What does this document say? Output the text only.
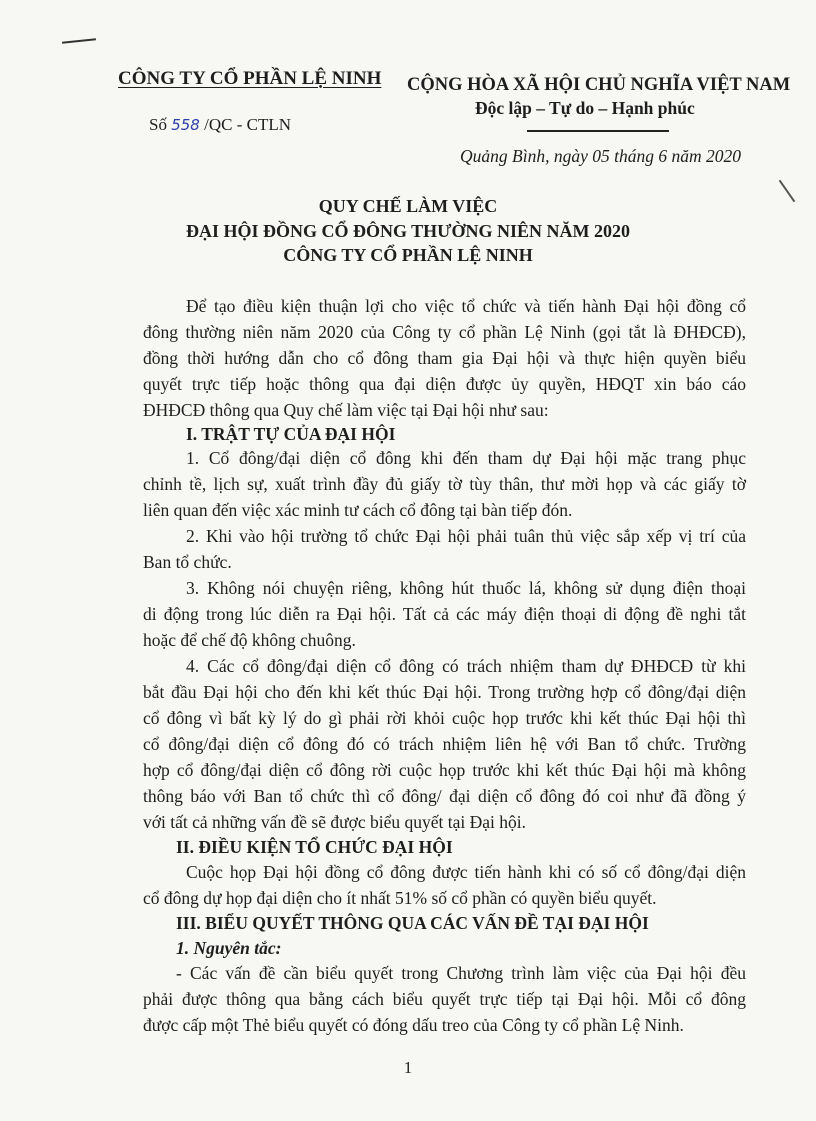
CÔNG TY CỔ PHẦN LỆ NINH CỘNG HÒA XÃ HỘI CHỦ NGHĨA VIỆT NAM
Độc lập – Tự do – Hạnh phúc
Số 558 /QC - CTLN
Quảng Bình, ngày 05 tháng 6 năm 2020
QUY CHẾ LÀM VIỆC
ĐẠI HỘI ĐỒNG CỔ ĐÔNG THƯỜNG NIÊN NĂM 2020
CÔNG TY CỔ PHẦN LỆ NINH
Để tạo điều kiện thuận lợi cho việc tổ chức và tiến hành Đại hội đồng cổ
đông thường niên năm 2020 của Công ty cổ phần Lệ Ninh (gọi tắt là ĐHĐCĐ),
đồng thời hướng dẫn cho cổ đông tham gia Đại hội và thực hiện quyền biểu
quyết trực tiếp hoặc thông qua đại diện được ủy quyền, HĐQT xin báo cáo
ĐHĐCĐ thông qua Quy chế làm việc tại Đại hội như sau:
I. TRẬT TỰ CỦA ĐẠI HỘI
1. Cổ đông/đại diện cổ đông khi đến tham dự Đại hội mặc trang phục
chỉnh tề, lịch sự, xuất trình đầy đủ giấy tờ tùy thân, thư mời họp và các giấy tờ
liên quan đến việc xác minh tư cách cổ đông tại bàn tiếp đón.
2. Khi vào hội trường tổ chức Đại hội phải tuân thủ việc sắp xếp vị trí của
Ban tổ chức.
3. Không nói chuyện riêng, không hút thuốc lá, không sử dụng điện thoại
di động trong lúc diễn ra Đại hội. Tất cả các máy điện thoại di động đề nghi tắt
hoặc để chế độ không chuông.
4. Các cổ đông/đại diện cổ đông có trách nhiệm tham dự ĐHĐCĐ từ khi
bắt đầu Đại hội cho đến khi kết thúc Đại hội. Trong trường hợp cổ đông/đại diện
cổ đông vì bất kỳ lý do gì phải rời khỏi cuộc họp trước khi kết thúc Đại hội thì
cổ đông/đại diện cổ đông đó có trách nhiệm liên hệ với Ban tổ chức. Trường
hợp cổ đông/đại diện cổ đông rời cuộc họp trước khi kết thúc Đại hội mà không
thông báo với Ban tổ chức thì cổ đông/ đại diện cổ đông đó coi như đã đồng ý
với tất cả những vấn đề sẽ được biểu quyết tại Đại hội.
II. ĐIỀU KIỆN TỔ CHỨC ĐẠI HỘI
Cuộc họp Đại hội đồng cổ đông được tiến hành khi có số cổ đông/đại diện
cổ đông dự họp đại diện cho ít nhất 51% số cổ phần có quyền biểu quyết.
III. BIỂU QUYẾT THÔNG QUA CÁC VẤN ĐỀ TẠI ĐẠI HỘI
1. Nguyên tắc:
- Các vấn đề cần biểu quyết trong Chương trình làm việc của Đại hội đều
phải được thông qua bằng cách biểu quyết trực tiếp tại Đại hội. Mỗi cổ đông
được cấp một Thẻ biểu quyết có đóng dấu treo của Công ty cổ phần Lệ Ninh.
1
